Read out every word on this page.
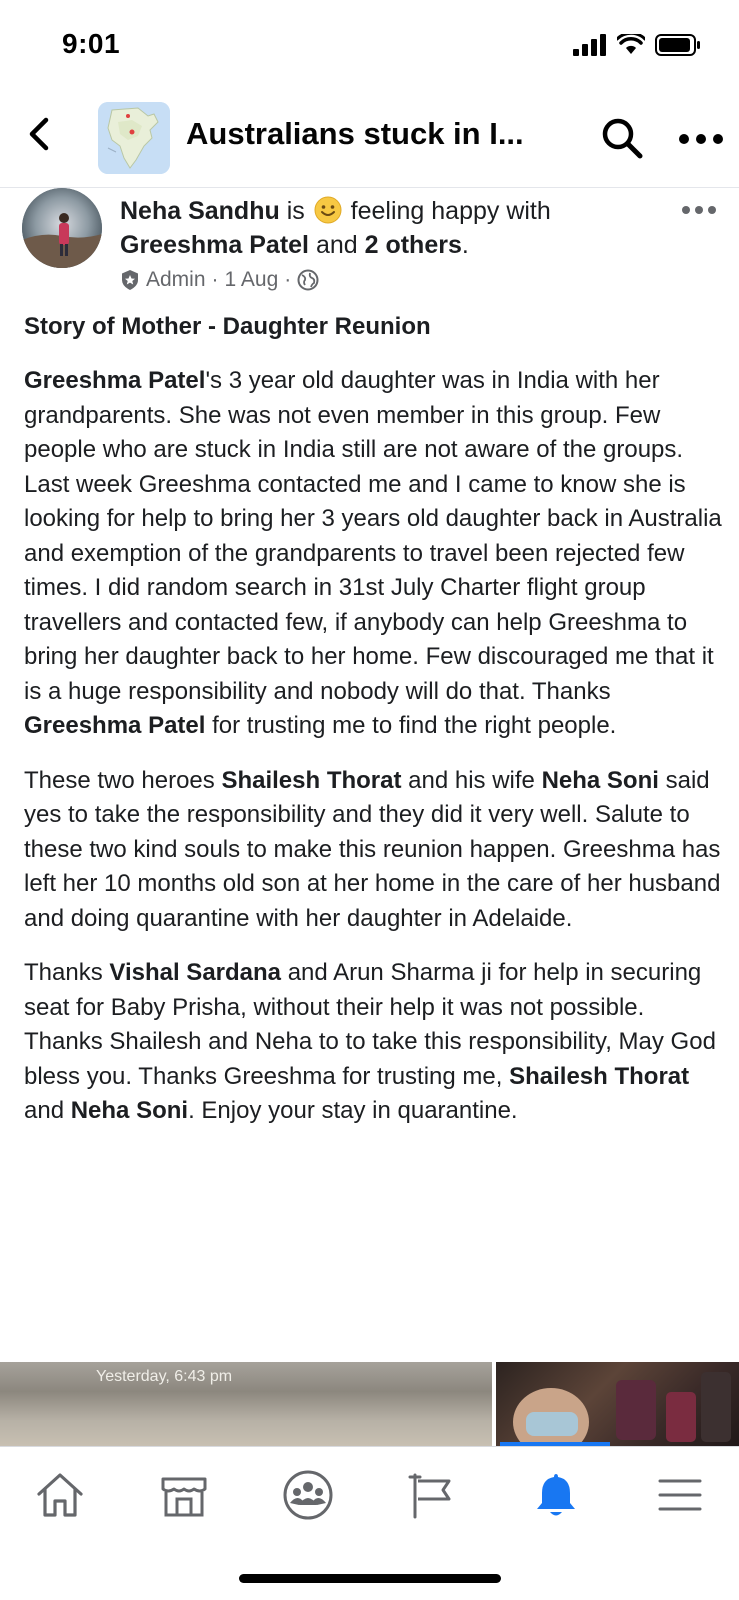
9:01
Australians stuck in I...
Neha Sandhu is  feeling happy with
Greeshma Patel and 2 others.
Admin · 1 Aug ·

Story of Mother - Daughter Reunion

Greeshma Patel's 3 year old daughter was in India with her grandparents. She was not even member in this group. Few people who are stuck in India still are not aware of the groups. Last week Greeshma contacted me and I came to know she is looking for help to bring her 3 years old daughter back in Australia and exemption of the grandparents to travel been rejected few times. I did random search in 31st July Charter flight group travellers and contacted few, if anybody can help Greeshma to bring her daughter back to her home. Few discouraged me that it is a huge responsibility and nobody will do that. Thanks Greeshma Patel for trusting me to find the right people.

These two heroes Shailesh Thorat and his wife Neha Soni said yes to take the responsibility and they did it very well. Salute to these two kind souls to make this reunion happen. Greeshma has left her 10 months old son at her home in the care of her husband and doing quarantine with her daughter in Adelaide.

Thanks Vishal Sardana and Arun Sharma ji for help in securing seat for Baby Prisha, without their help it was not possible. Thanks Shailesh and Neha to to take this responsibility, May God bless you. Thanks Greeshma for trusting me, Shailesh Thorat and Neha Soni. Enjoy your stay in quarantine.

Yesterday, 6:43 pm
